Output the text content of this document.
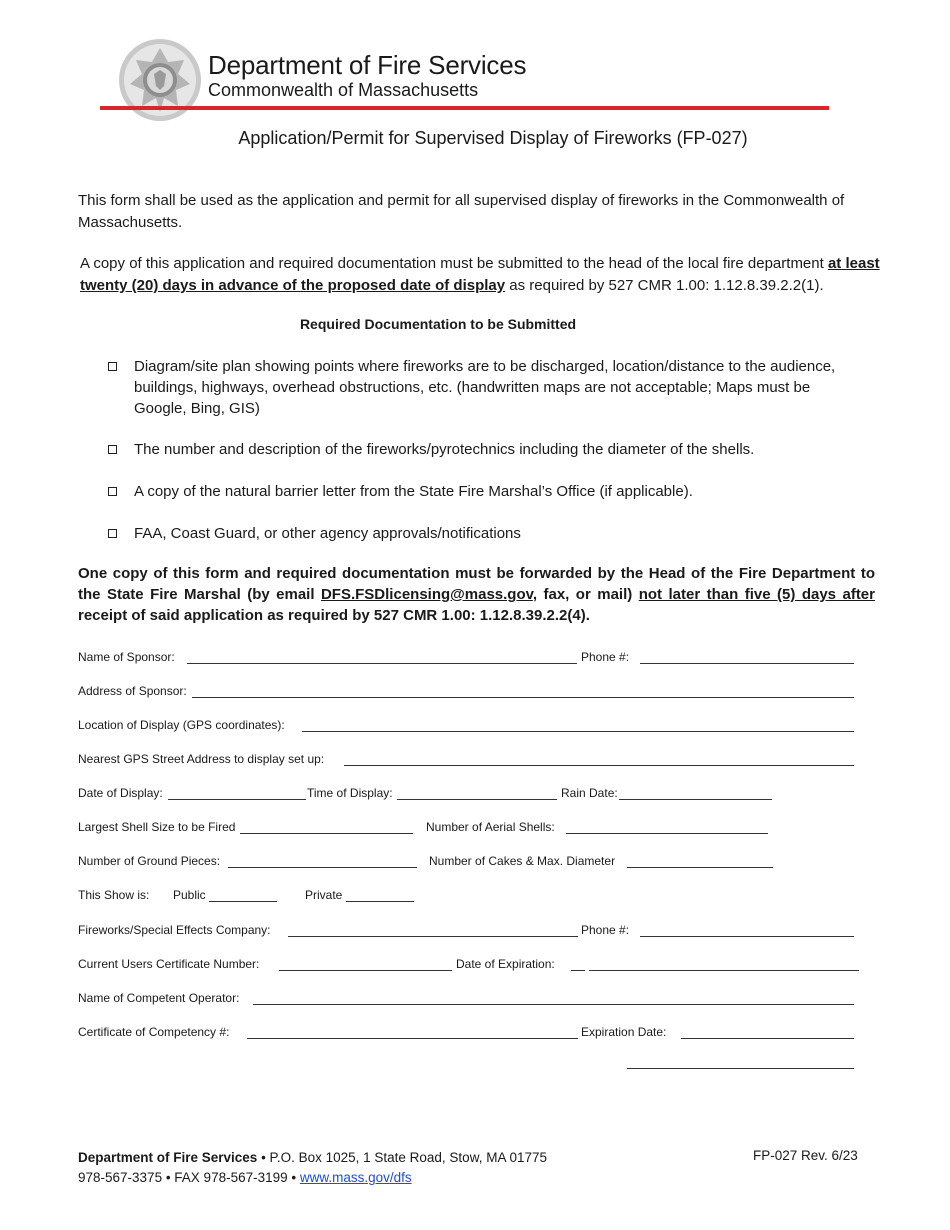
Department of Fire Services
Commonwealth of Massachusetts
Application/Permit for Supervised Display of Fireworks (FP-027)
This form shall be used as the application and permit for all supervised display of fireworks in the Commonwealth of Massachusetts.
A copy of this application and required documentation must be submitted to the head of the local fire department at least twenty (20) days in advance of the proposed date of display as required by 527 CMR 1.00: 1.12.8.39.2.2(1).
Required Documentation to be Submitted
Diagram/site plan showing points where fireworks are to be discharged, location/distance to the audience, buildings, highways, overhead obstructions, etc. (handwritten maps are not acceptable; Maps must be Google, Bing, GIS)
The number and description of the fireworks/pyrotechnics including the diameter of the shells.
A copy of the natural barrier letter from the State Fire Marshal’s Office (if applicable).
FAA, Coast Guard, or other agency approvals/notifications
One copy of this form and required documentation must be forwarded by the Head of the Fire Department to the State Fire Marshal (by email DFS.FSDlicensing@mass.gov, fax, or mail) not later than five (5) days after receipt of said application as required by 527 CMR 1.00: 1.12.8.39.2.2(4).
Name of Sponsor:	Phone #:
Address of Sponsor:
Location of Display (GPS coordinates):
Nearest GPS Street Address to display set up:
Date of Display:	Time of Display:	Rain Date:
Largest Shell Size to be Fired	Number of Aerial Shells:
Number of Ground Pieces:	Number of Cakes & Max. Diameter
This Show is: Public	Private
Fireworks/Special Effects Company:	Phone #:
Current Users Certificate Number:	Date of Expiration:
Name of Competent Operator:
Certificate of Competency #:	Expiration Date:
Department of Fire Services • P.O. Box 1025, 1 State Road, Stow, MA 01775
978-567-3375 • FAX 978-567-3199 • www.mass.gov/dfs
FP-027 Rev. 6/23
